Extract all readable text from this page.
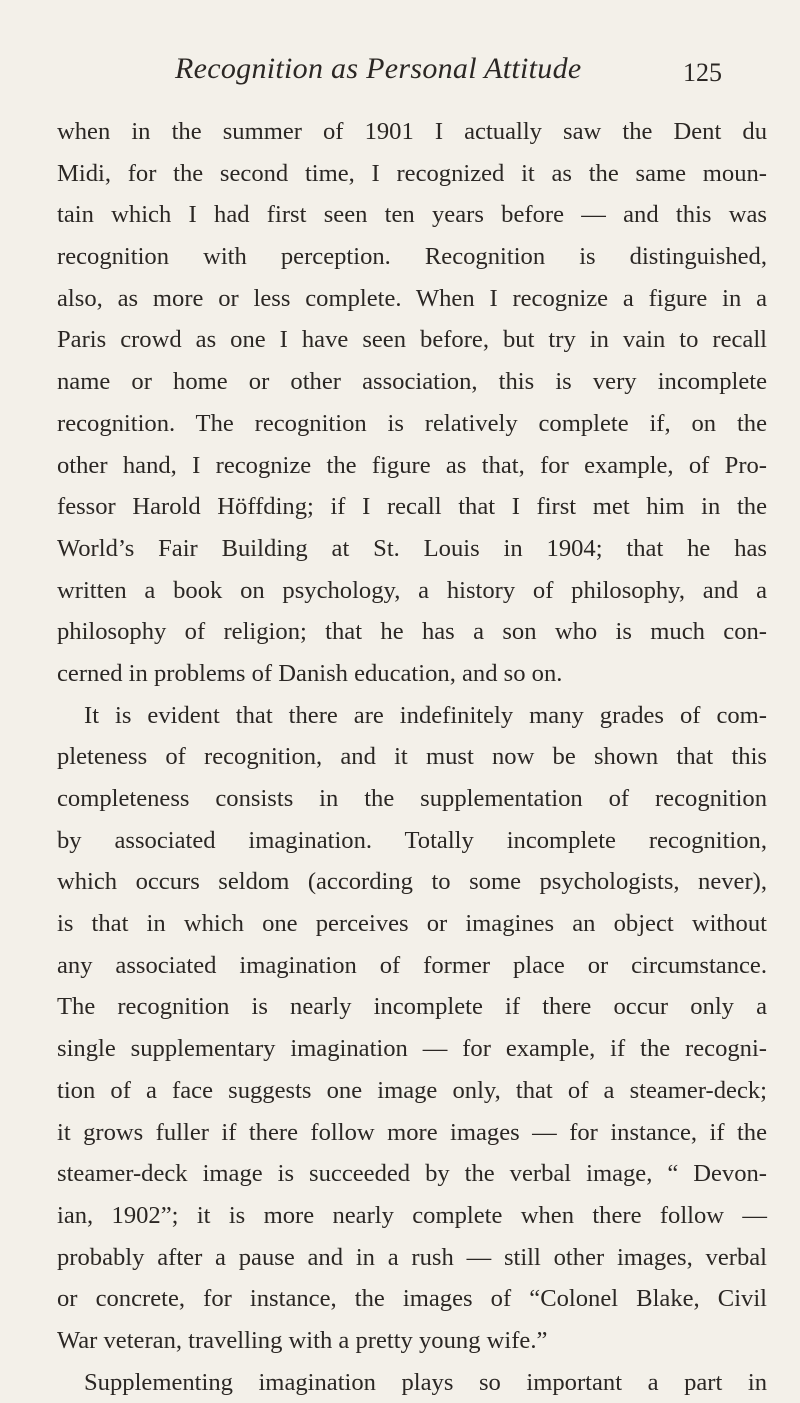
Recognition as Personal Attitude	125
when in the summer of 1901 I actually saw the Dent du
Midi, for the second time, I recognized it as the same moun-
tain which I had first seen ten years before — and this was
recognition with perception. Recognition is distinguished,
also, as more or less complete. When I recognize a figure in a
Paris crowd as one I have seen before, but try in vain to recall
name or home or other association, this is very incomplete
recognition. The recognition is relatively complete if, on the
other hand, I recognize the figure as that, for example, of Pro-
fessor Harold Höffding; if I recall that I first met him in the
World’s Fair Building at St. Louis in 1904; that he has
written a book on psychology, a history of philosophy, and a
philosophy of religion; that he has a son who is much con-
cerned in problems of Danish education, and so on.
It is evident that there are indefinitely many grades of com-
pleteness of recognition, and it must now be shown that this
completeness consists in the supplementation of recognition
by associated imagination. Totally incomplete recognition,
which occurs seldom (according to some psychologists, never),
is that in which one perceives or imagines an object without
any associated imagination of former place or circumstance.
The recognition is nearly incomplete if there occur only a
single supplementary imagination — for example, if the recogni-
tion of a face suggests one image only, that of a steamer-deck;
it grows fuller if there follow more images — for instance, if the
steamer-deck image is succeeded by the verbal image, “ Devon-
ian, 1902”; it is more nearly complete when there follow —
probably after a pause and in a rush — still other images, verbal
or concrete, for instance, the images of “Colonel Blake, Civil
War veteran, travelling with a pretty young wife.”
Supplementing imagination plays so important a part in
